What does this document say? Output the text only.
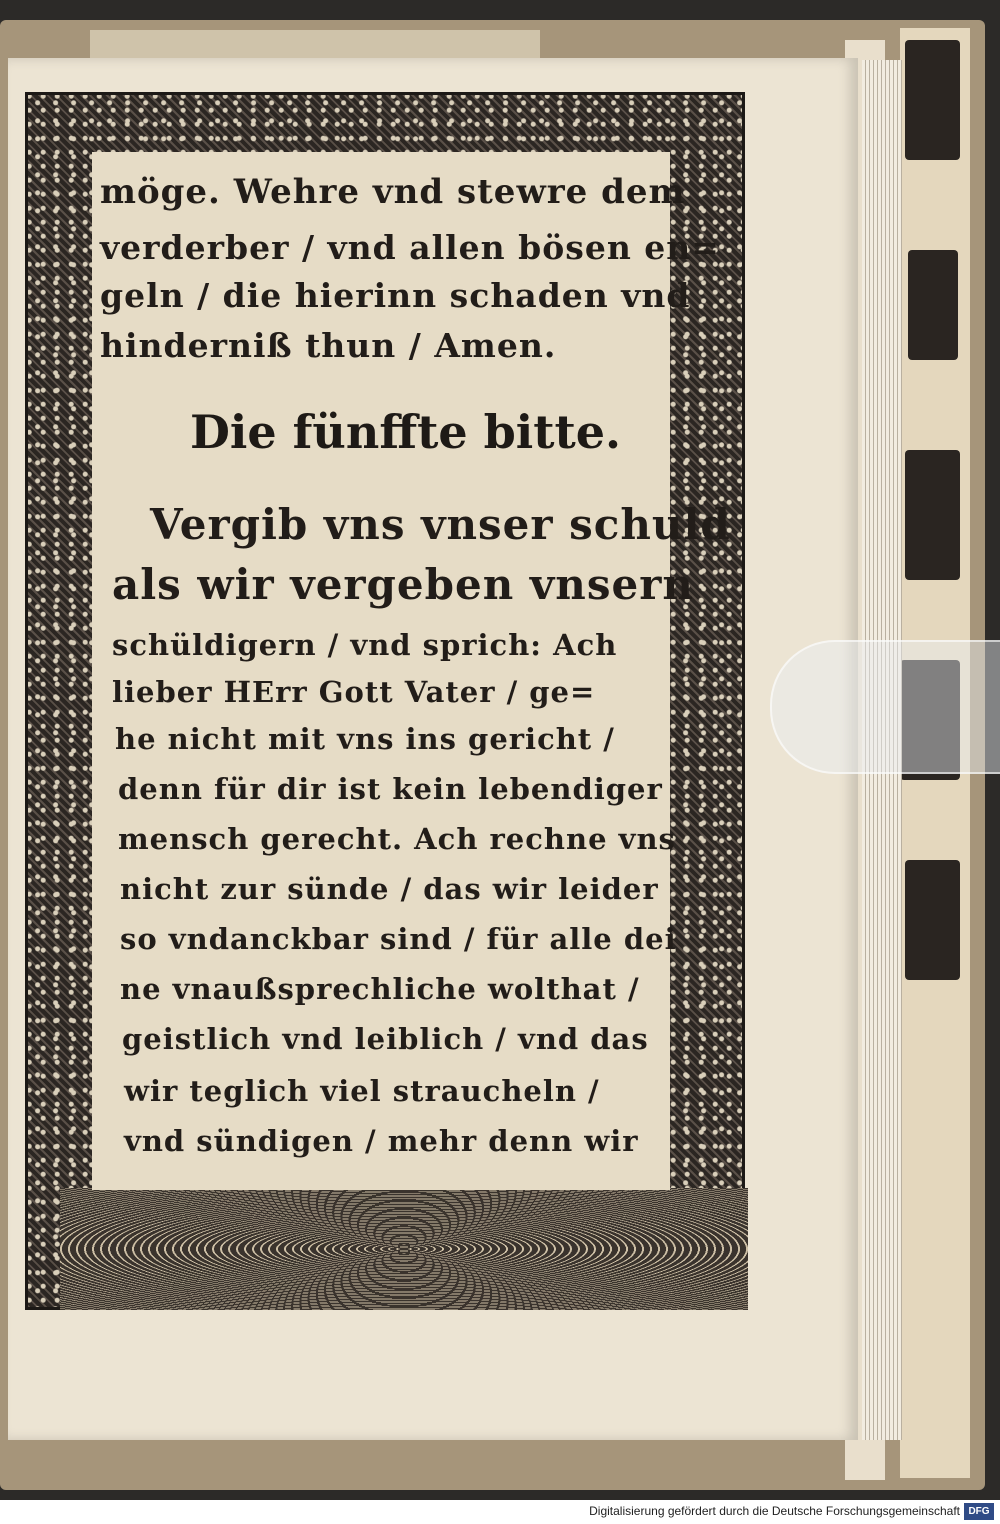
möge. Wehre vnd stewre dem
verderber / vnd allen bösen en=
geln / die hierinn schaden vnd
hinderniß thun / Amen.
Die fünffte bitte.
Vergib vns vnser schuld
als wir vergeben vnsern
schüldigern / vnd sprich: Ach
lieber HErr Gott Vater / ge=
he nicht mit vns ins gericht /
denn für dir ist kein lebendiger
mensch gerecht. Ach rechne vns
nicht zur sünde / das wir leider
so vndanckbar sind / für alle dei
ne vnaußsprechliche wolthat /
geistlich vnd leiblich / vnd das
wir teglich viel straucheln /
vnd sündigen / mehr denn wir
Digitalisierung gefördert durch die Deutsche Forschungsgemeinschaft DFG
